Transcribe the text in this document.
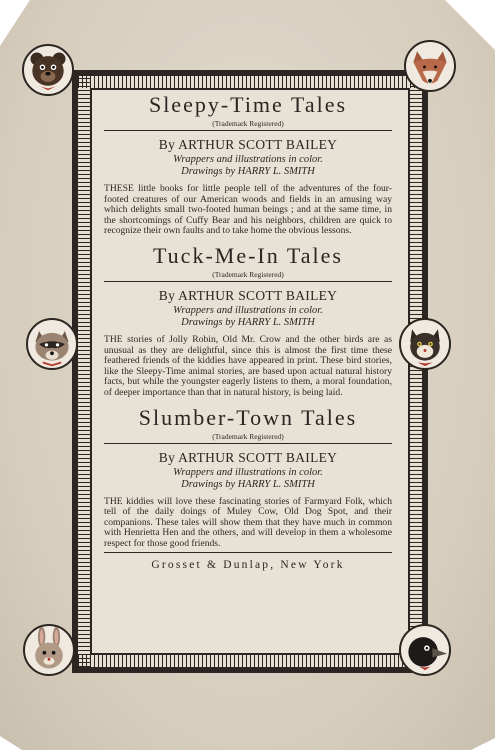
Sleepy-Time Tales
(Trademark Registered)
By ARTHUR SCOTT BAILEY
Wrappers and illustrations in color.
Drawings by HARRY L. SMITH

THESE little books for little people tell of the adventures of the four-footed creatures of our American woods and fields in an amusing way which delights small two-footed human beings ; and at the same time, in the shortcomings of Cuffy Bear and his neighbors, children are quick to recognize their own faults and to take home the obvious lessons.

Tuck-Me-In Tales
(Trademark Registered)
By ARTHUR SCOTT BAILEY
Wrappers and illustrations in color.
Drawings by HARRY L. SMITH

THE stories of Jolly Robin, Old Mr. Crow and the other birds are as unusual as they are delightful, since this is almost the first time these feathered friends of the kiddies have appeared in print. These bird stories, like the Sleepy-Time animal stories, are based upon actual natural history facts, but while the youngster eagerly listens to them, a moral foundation, of deeper importance than that in natural history, is being laid.

Slumber-Town Tales
(Trademark Registered)
By ARTHUR SCOTT BAILEY
Wrappers and illustrations in color.
Drawings by HARRY L. SMITH

THE kiddies will love these fascinating stories of Farmyard Folk, which tell of the daily doings of Muley Cow, Old Dog Spot, and their companions. These tales will show them that they have much in common with Henrietta Hen and the others, and will develop in them a wholesome respect for those good friends.

Grosset & Dunlap, New York
